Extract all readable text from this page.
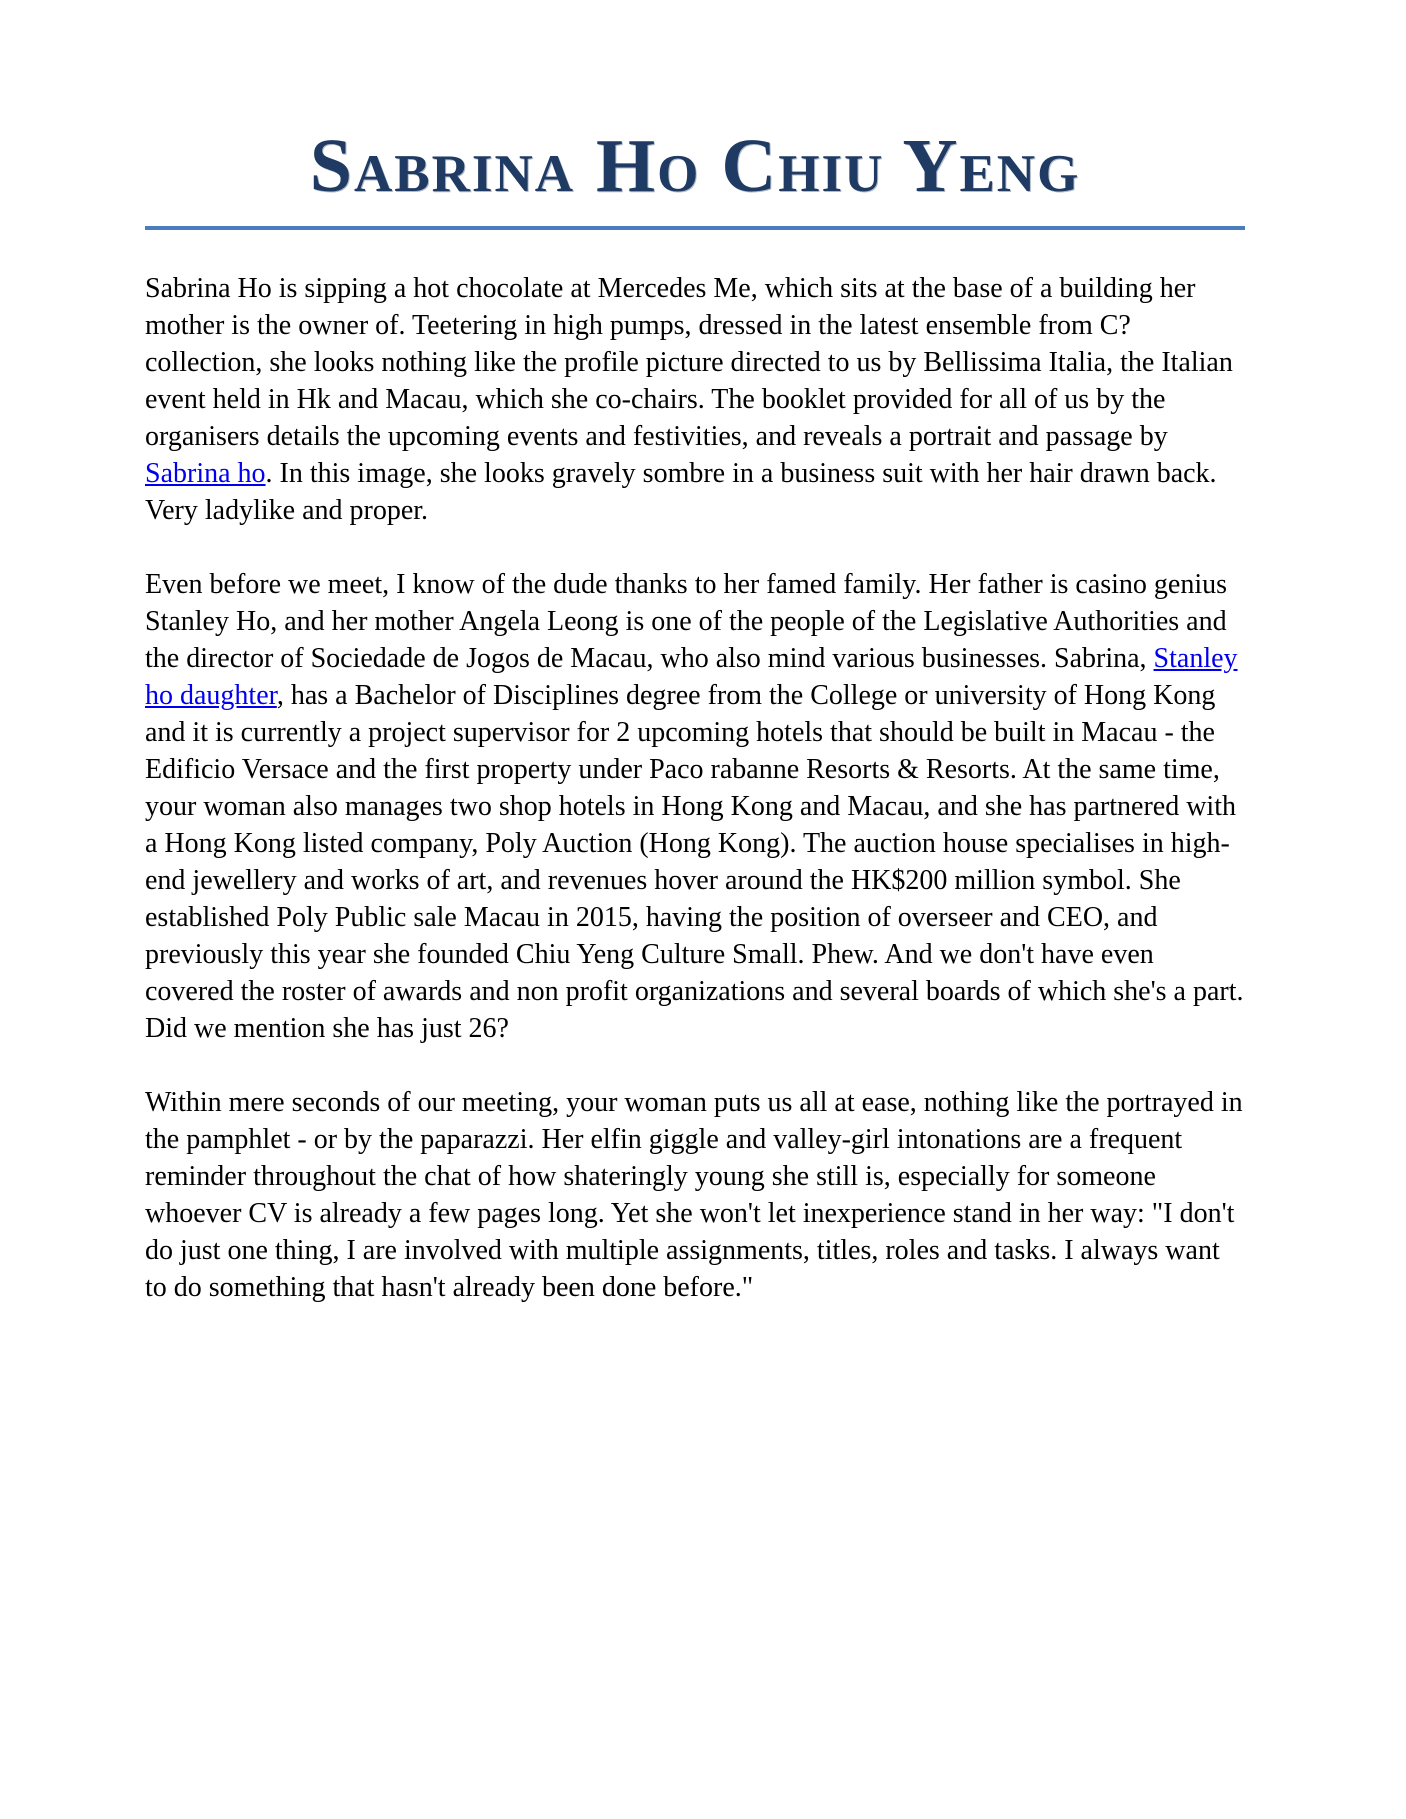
Sabrina Ho Chiu Yeng

Sabrina Ho is sipping a hot chocolate at Mercedes Me, which sits at the base of a building her mother is the owner of. Teetering in high pumps, dressed in the latest ensemble from C? collection, she looks nothing like the profile picture directed to us by Bellissima Italia, the Italian event held in Hk and Macau, which she co-chairs. The booklet provided for all of us by the organisers details the upcoming events and festivities, and reveals a portrait and passage by Sabrina ho. In this image, she looks gravely sombre in a business suit with her hair drawn back. Very ladylike and proper.

Even before we meet, I know of the dude thanks to her famed family. Her father is casino genius Stanley Ho, and her mother Angela Leong is one of the people of the Legislative Authorities and the director of Sociedade de Jogos de Macau, who also mind various businesses. Sabrina, Stanley ho daughter, has a Bachelor of Disciplines degree from the College or university of Hong Kong and it is currently a project supervisor for 2 upcoming hotels that should be built in Macau - the Edificio Versace and the first property under Paco rabanne Resorts & Resorts. At the same time, your woman also manages two shop hotels in Hong Kong and Macau, and she has partnered with a Hong Kong listed company, Poly Auction (Hong Kong). The auction house specialises in high-end jewellery and works of art, and revenues hover around the HK$200 million symbol. She established Poly Public sale Macau in 2015, having the position of overseer and CEO, and previously this year she founded Chiu Yeng Culture Small. Phew. And we don't have even covered the roster of awards and non profit organizations and several boards of which she's a part. Did we mention she has just 26?

Within mere seconds of our meeting, your woman puts us all at ease, nothing like the portrayed in the pamphlet - or by the paparazzi. Her elfin giggle and valley-girl intonations are a frequent reminder throughout the chat of how shateringly young she still is, especially for someone whoever CV is already a few pages long. Yet she won't let inexperience stand in her way: "I don't do just one thing, I are involved with multiple assignments, titles, roles and tasks. I always want to do something that hasn't already been done before."
